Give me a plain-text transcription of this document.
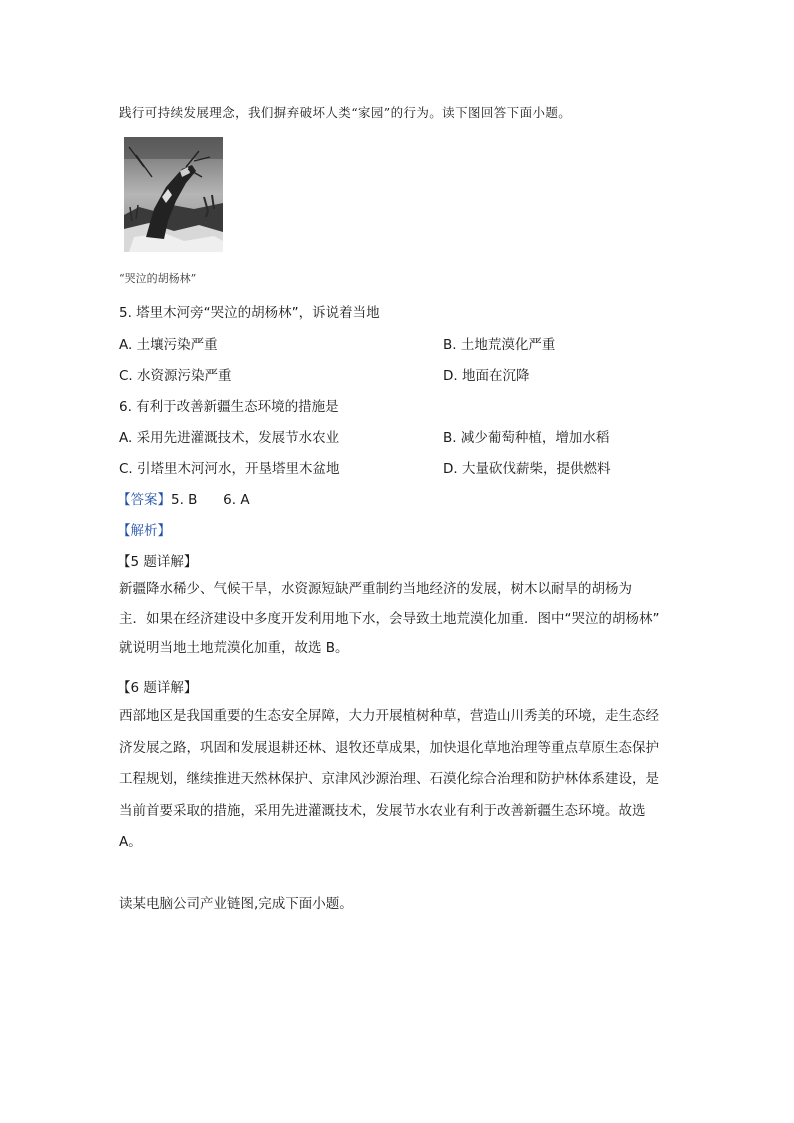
践行可持续发展理念，我们摒弃破坏人类“家园”的行为。读下图回答下面小题。
“哭泣的胡杨林”
5. 塔里木河旁“哭泣的胡杨林”，诉说着当地
A. 土壤污染严重	B. 土地荒漠化严重
C. 水资源污染严重	D. 地面在沉降
6. 有利于改善新疆生态环境的措施是
A. 采用先进灌溉技术，发展节水农业	B. 减少葡萄种植，增加水稻
C. 引塔里木河河水，开垦塔里木盆地	D. 大量砍伐薪柴，提供燃料
【答案】5. B      6. A
【解析】
【5 题详解】
新疆降水稀少、气候干旱，水资源短缺严重制约当地经济的发展，树木以耐旱的胡杨为
主．如果在经济建设中多度开发利用地下水，会导致土地荒漠化加重．图中“哭泣的胡杨林”
就说明当地土地荒漠化加重，故选 B。
【6 题详解】
西部地区是我国重要的生态安全屏障，大力开展植树种草，营造山川秀美的环境，走生态经
济发展之路，巩固和发展退耕还林、退牧还草成果，加快退化草地治理等重点草原生态保护
工程规划，继续推进天然林保护、京津风沙源治理、石漠化综合治理和防护林体系建设，是
当前首要采取的措施，采用先进灌溉技术，发展节水农业有利于改善新疆生态环境。故选
A。
读某电脑公司产业链图,完成下面小题。
